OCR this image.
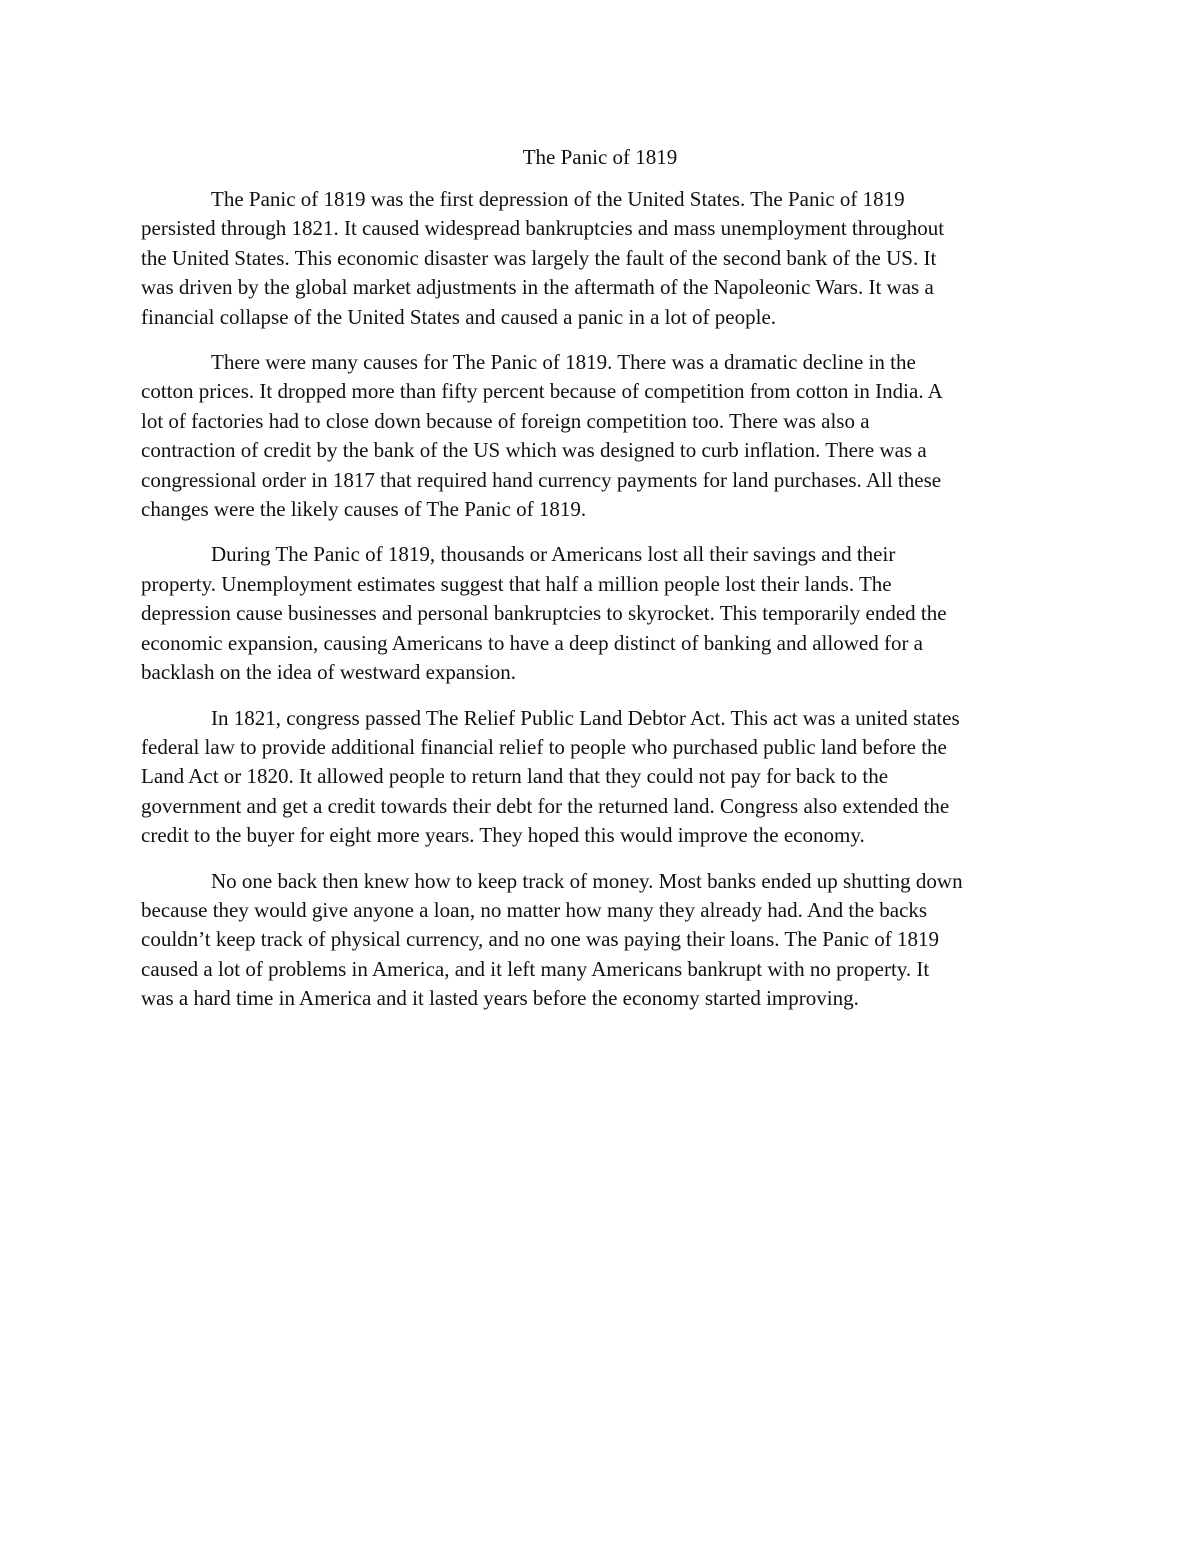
The Panic of 1819

The Panic of 1819 was the first depression of the United States. The Panic of 1819
persisted through 1821. It caused widespread bankruptcies and mass unemployment throughout
the United States. This economic disaster was largely the fault of the second bank of the US. It
was driven by the global market adjustments in the aftermath of the Napoleonic Wars. It was a
financial collapse of the United States and caused a panic in a lot of people.

There were many causes for The Panic of 1819. There was a dramatic decline in the
cotton prices. It dropped more than fifty percent because of competition from cotton in India. A
lot of factories had to close down because of foreign competition too. There was also a
contraction of credit by the bank of the US which was designed to curb inflation. There was a
congressional order in 1817 that required hand currency payments for land purchases. All these
changes were the likely causes of The Panic of 1819.

During The Panic of 1819, thousands or Americans lost all their savings and their
property. Unemployment estimates suggest that half a million people lost their lands. The
depression cause businesses and personal bankruptcies to skyrocket. This temporarily ended the
economic expansion, causing Americans to have a deep distinct of banking and allowed for a
backlash on the idea of westward expansion.

In 1821, congress passed The Relief Public Land Debtor Act. This act was a united states
federal law to provide additional financial relief to people who purchased public land before the
Land Act or 1820. It allowed people to return land that they could not pay for back to the
government and get a credit towards their debt for the returned land. Congress also extended the
credit to the buyer for eight more years. They hoped this would improve the economy.

No one back then knew how to keep track of money. Most banks ended up shutting down
because they would give anyone a loan, no matter how many they already had. And the backs
couldn’t keep track of physical currency, and no one was paying their loans. The Panic of 1819
caused a lot of problems in America, and it left many Americans bankrupt with no property. It
was a hard time in America and it lasted years before the economy started improving.
